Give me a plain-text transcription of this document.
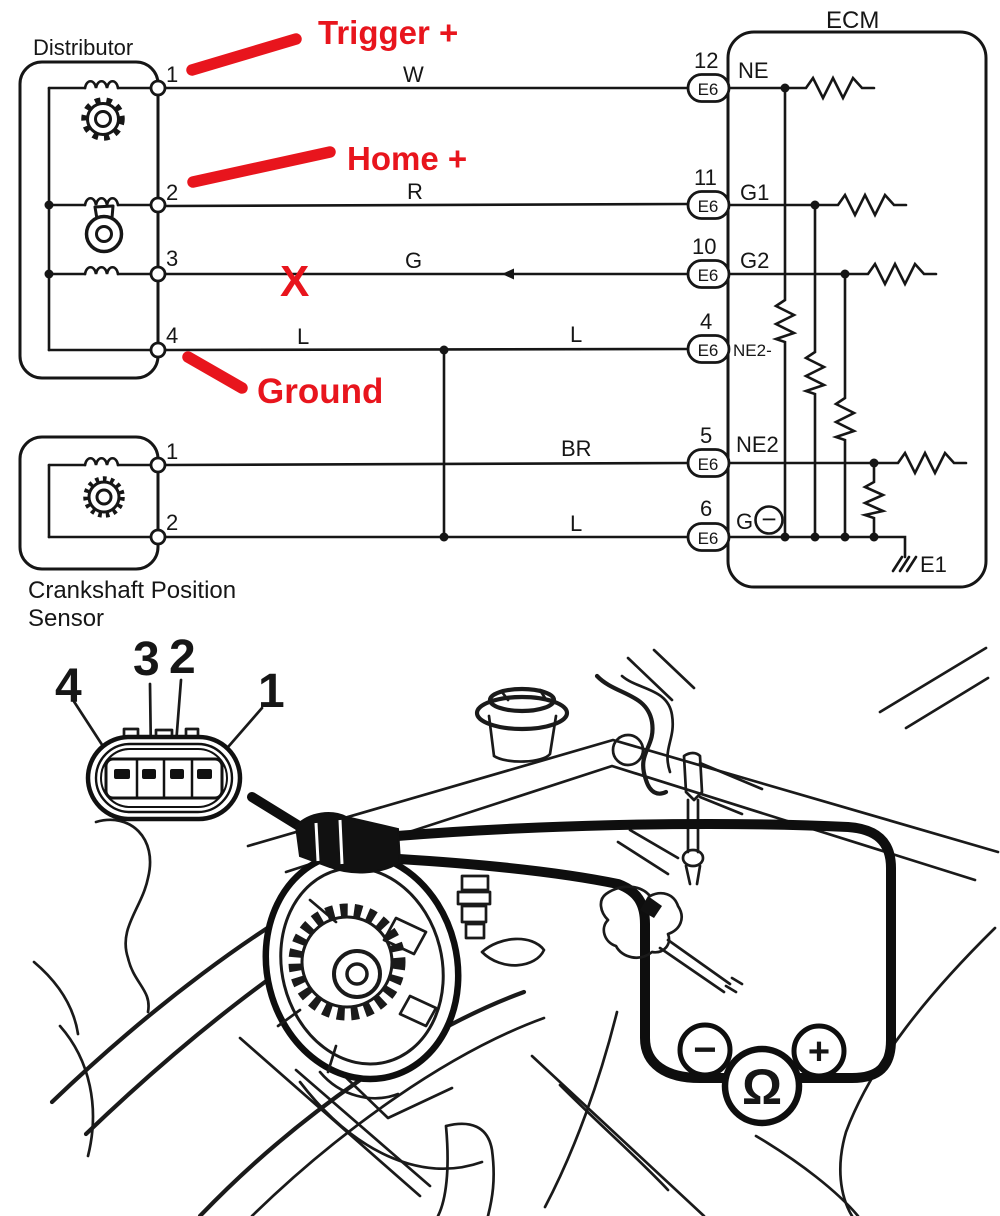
Distributor
1
2
3
4
1
2
Crankshaft Position
Sensor
W
R
G
L	L
BR
L
ECM
E1
E6
12 NE
E6
11
G1
E6
10
G2
E6
4
NE2-
E6
5 NE2
E6
6
G −
Trigger +
Home +
X
Ground
− +
Ω
4
3 2
1
